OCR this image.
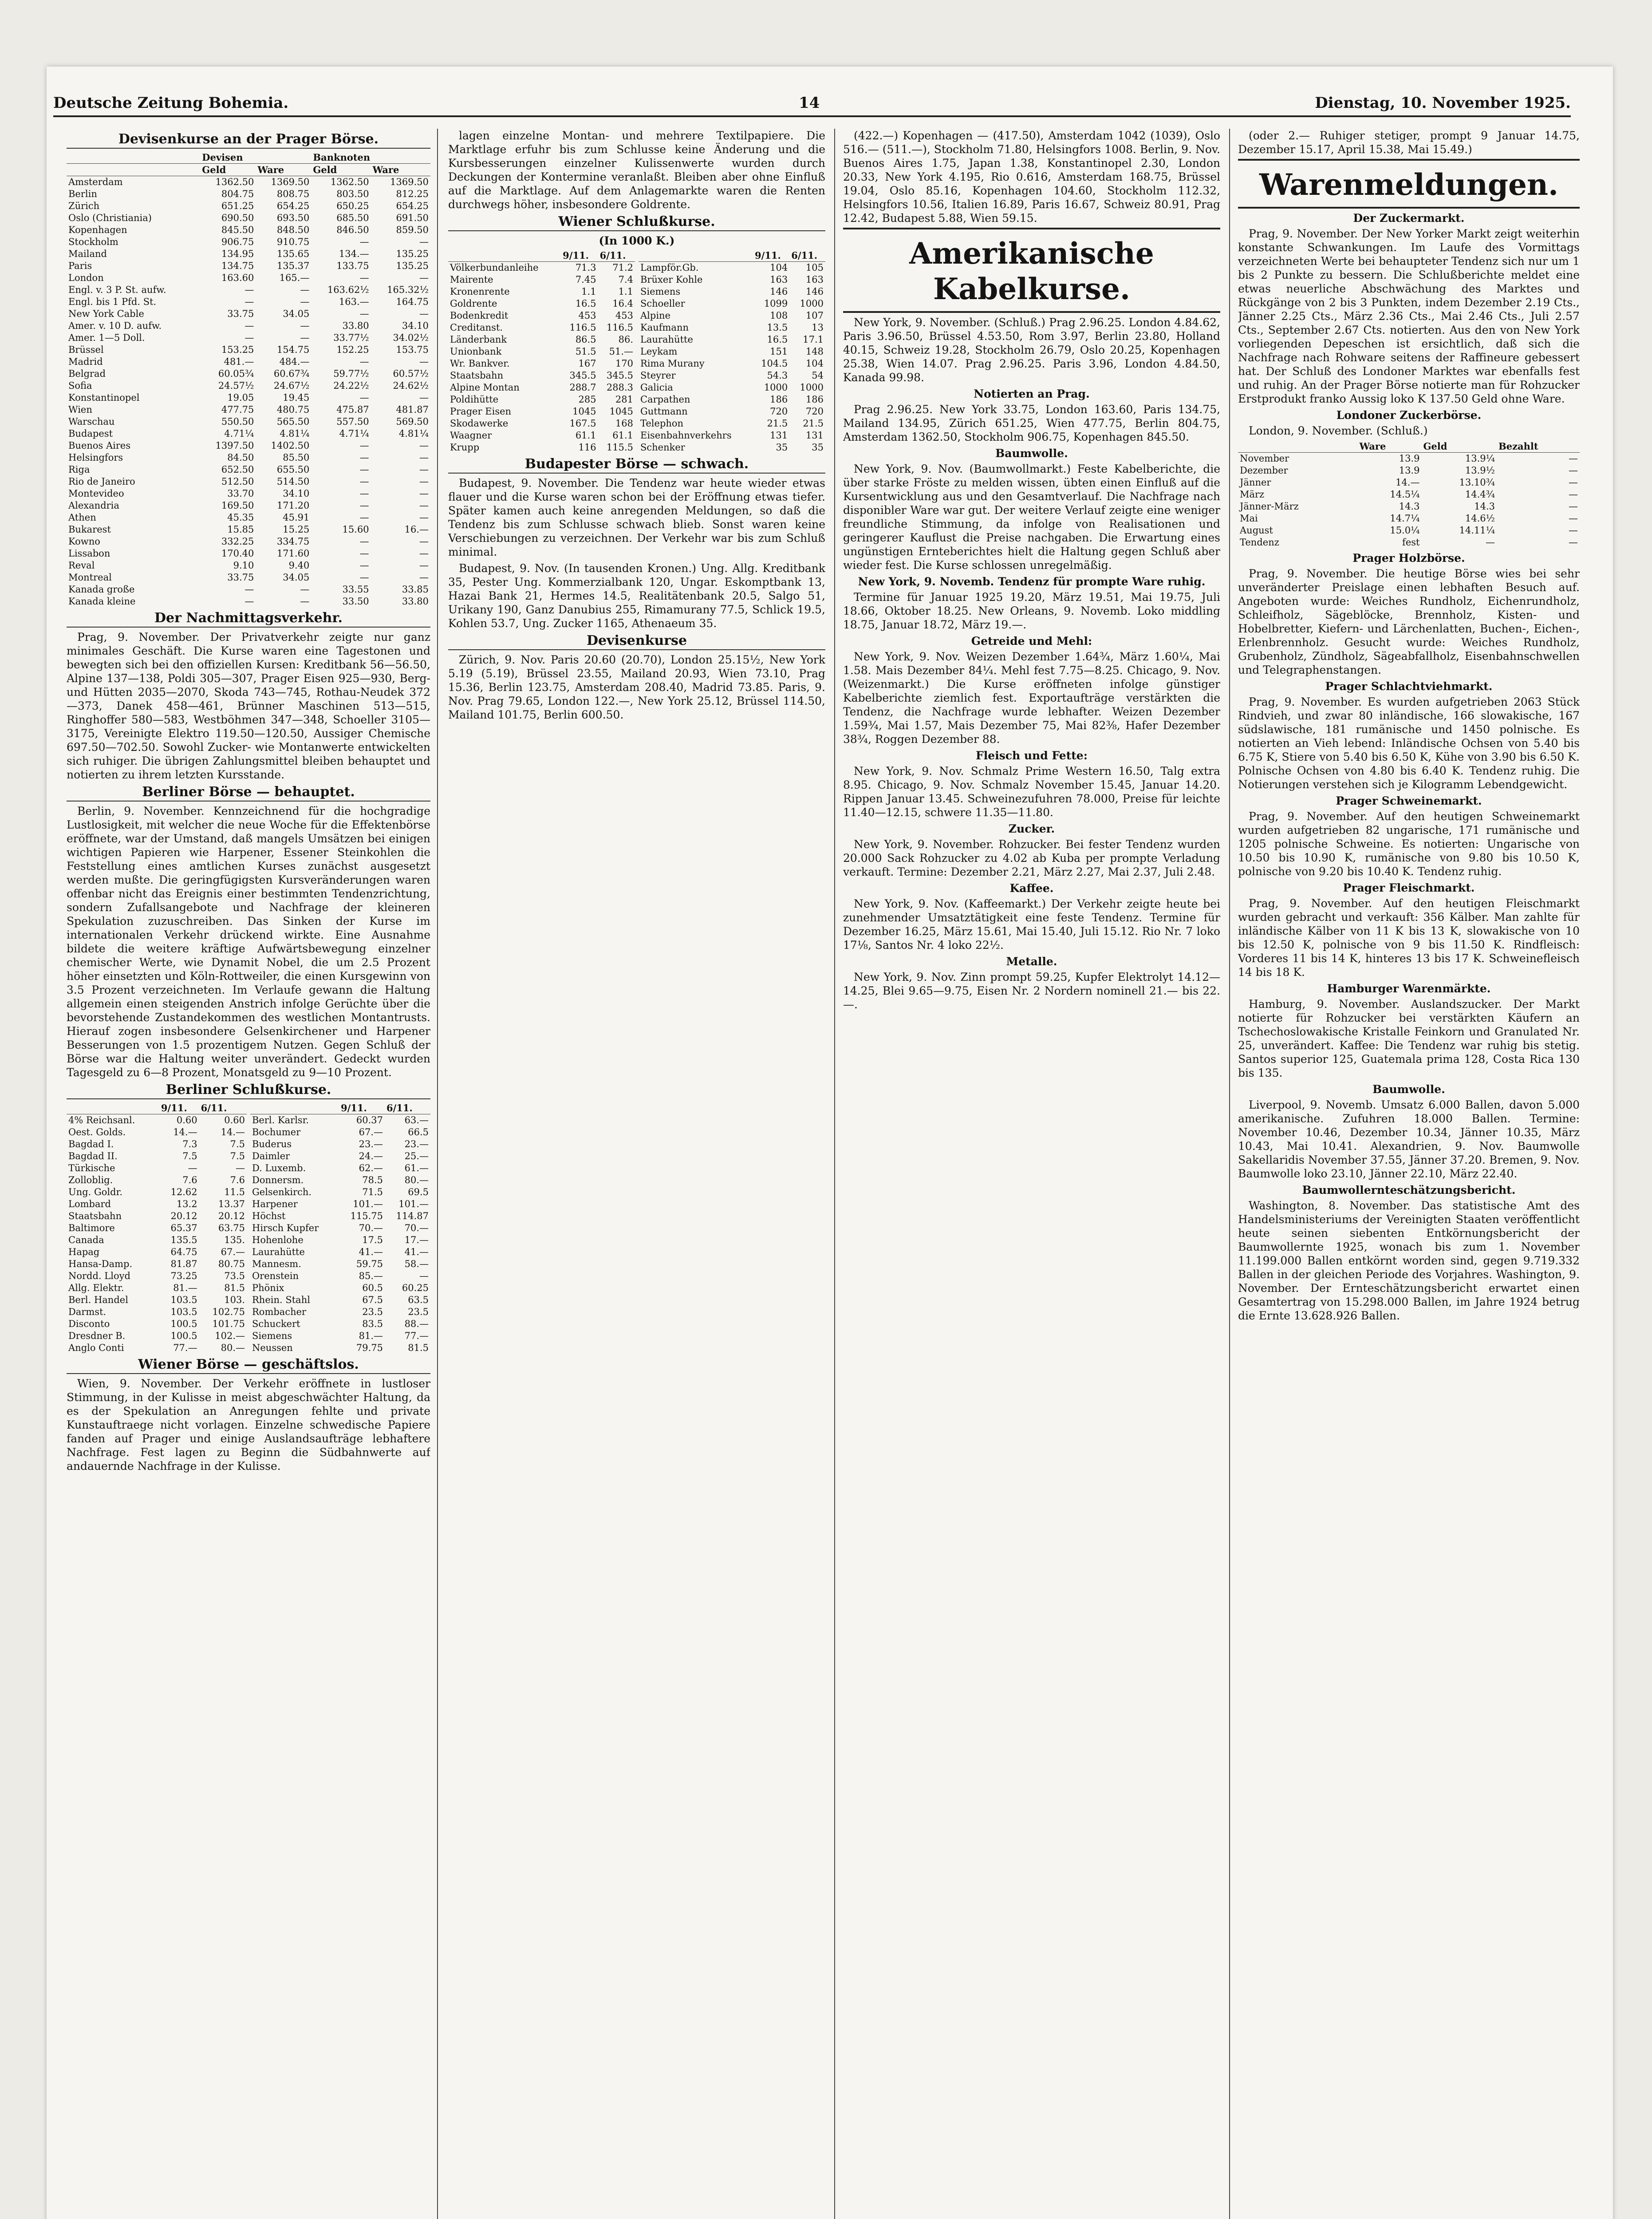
Deutsche Zeitung Bohemia.	14	Dienstag, 10. November 1925.
Devisenkurse an der Prager Börse.
	Devisen		Banknoten	
	Geld	Ware	Geld	Ware
Amsterdam	1362.50	1369.50	1362.50	1369.50
Berlin	804.75	808.75	803.50	812.25
Zürich	651.25	654.25	650.25	654.25
Oslo (Christiania)	690.50	693.50	685.50	691.50
Kopenhagen	845.50	848.50	846.50	859.50
Stockholm	906.75	910.75	—	—
Mailand	134.95	135.65	134.—	135.25
Paris	134.75	135.37	133.75	135.25
London	163.60	165.—	—	—
Engl. v. 3 P. St. aufw.	—	—	163.62½	165.32½
Engl. bis 1 Pfd. St.	—	—	163.—	164.75
New York Cable	33.75	34.05	—	—
Amer. v. 10 D. aufw.	—	—	33.80	34.10
Amer. 1—5 Doll.	—	—	33.77½	34.02½
Brüssel	153.25	154.75	152.25	153.75
Madrid	481.—	484.—	—	—
Belgrad	60.05¾	60.67¾	59.77½	60.57½
Sofia	24.57½	24.67½	24.22½	24.62½
Konstantinopel	19.05	19.45	—	—
Wien	477.75	480.75	475.87	481.87
Warschau	550.50	565.50	557.50	569.50
Budapest	4.71¼	4.81¼	4.71¼	4.81¼
Buenos Aires	1397.50	1402.50	—	—
Helsingfors	84.50	85.50	—	—
Riga	652.50	655.50	—	—
Rio de Janeiro	512.50	514.50	—	—
Montevideo	33.70	34.10	—	—
Alexandria	169.50	171.20	—	—
Athen	45.35	45.91	—	—
Bukarest	15.85	15.25	15.60	16.—
Kowno	332.25	334.75	—	—
Lissabon	170.40	171.60	—	—
Reval	9.10	9.40	—	—
Montreal	33.75	34.05	—	—
Kanada große	—	—	33.55	33.85
Kanada kleine	—	—	33.50	33.80
Der Nachmittagsverkehr.

Prag, 9. November. Der Privatverkehr zeigte nur ganz minimales Geschäft. Die Kurse waren eine Tagestonen und bewegten sich bei den offiziellen Kursen: Kreditbank 56—56.50, Alpine 137—138, Poldi 305—307, Prager Eisen 925—930, Berg- und Hütten 2035—2070, Skoda 743—745, Rothau-Neudek 372—373, Danek 458—461, Brünner Maschinen 513—515, Ringhoffer 580—583, Westböhmen 347—348, Schoeller 3105—3175, Vereinigte Elektro 119.50—120.50, Aussiger Chemische 697.50—702.50. Sowohl Zucker- wie Montanwerte entwickelten sich ruhiger. Die übrigen Zahlungsmittel bleiben behauptet und notierten zu ihrem letzten Kursstande.

Berliner Börse — behauptet.

Berlin, 9. November. Kennzeichnend für die hochgradige Lustlosigkeit, mit welcher die neue Woche für die Effektenbörse eröffnete, war der Umstand, daß mangels Umsätzen bei einigen wichtigen Papieren wie Harpener, Essener Steinkohlen die Feststellung eines amtlichen Kurses zunächst ausgesetzt werden mußte. Die geringfügigsten Kursveränderungen waren offenbar nicht das Ereignis einer bestimmten Tendenzrichtung, sondern Zufallsangebote und Nachfrage der kleineren Spekulation zuzuschreiben. Das Sinken der Kurse im internationalen Verkehr drückend wirkte. Eine Ausnahme bildete die weitere kräftige Aufwärtsbewegung einzelner chemischer Werte, wie Dynamit Nobel, die um 2.5 Prozent höher einsetzten und Köln-Rottweiler, die einen Kursgewinn von 3.5 Prozent verzeichneten. Im Verlaufe gewann die Haltung allgemein einen steigenden Anstrich infolge Gerüchte über die bevorstehende Zustandekommen des westlichen Montantrusts. Hierauf zogen insbesondere Gelsenkirchener und Harpener Besserungen von 1.5 prozentigem Nutzen. Gegen Schluß der Börse war die Haltung weiter unverändert. Gedeckt wurden Tagesgeld zu 6—8 Prozent, Monatsgeld zu 9—10 Prozent.

Berliner Schlußkurse.
	9/11.	6/11.
4% Reichsanl.	0.60	0.60
Oest. Golds.	14.—	14.—
Bagdad I.	7.3	7.5
Bagdad II.	7.5	7.5
Türkische	—	—
Zolloblig.	7.6	7.6
Ung. Goldr.	12.62	11.5
Lombard	13.2	13.37
Staatsbahn	20.12	20.12
Baltimore	65.37	63.75
Canada	135.5	135.
Hapag	64.75	67.—
Hansa-Damp.	81.87	80.75
Nordd. Lloyd	73.25	73.5
Allg. Elektr.	81.—	81.5
Berl. Handel	103.5	103.
Darmst.	103.5	102.75
Disconto	100.5	101.75
Dresdner B.	100.5	102.—
Anglo Conti	77.—	80.—
	9/11.	6/11.
Berl. Karlsr.	60.37	63.—
Bochumer	67.—	66.5
Buderus	23.—	23.—
Daimler	24.—	25.—
D. Luxemb.	62.—	61.—
Donnersm.	78.5	80.—
Gelsenkirch.	71.5	69.5
Harpener	101.—	101.—
Höchst	115.75	114.87
Hirsch Kupfer	70.—	70.—
Hohenlohe	17.5	17.—
Laurahütte	41.—	41.—
Mannesm.	59.75	58.—
Orenstein	85.—	—
Phönix	60.5	60.25
Rhein. Stahl	67.5	63.5
Rombacher	23.5	23.5
Schuckert	83.5	88.—
Siemens	81.—	77.—
Neussen	79.75	81.5
Wiener Börse — geschäftslos.

Wien, 9. November. Der Verkehr eröffnete in lustloser Stimmung, in der Kulisse in meist abgeschwächter Haltung, da es der Spekulation an Anregungen fehlte und private Kunstauftraege nicht vorlagen. Einzelne schwedische Papiere fanden auf Prager und einige Auslandsaufträge lebhaftere Nachfrage. Fest lagen zu Beginn die Südbahnwerte auf andauernde Nachfrage in der Kulisse.

lagen einzelne Montan- und mehrere Textilpapiere. Die Marktlage erfuhr bis zum Schlusse keine Änderung und die Kursbesserungen einzelner Kulissenwerte wurden durch Deckungen der Kontermine veranlaßt. Bleiben aber ohne Einfluß auf die Marktlage. Auf dem Anlagemarkte waren die Renten durchwegs höher, insbesondere Goldrente.

Wiener Schlußkurse.
(In 1000 K.)
	9/11.	6/11.
Völkerbundanleihe	71.3	71.2
Mairente	7.45	7.4
Kronenrente	1.1	1.1
Goldrente	16.5	16.4
Bodenkredit	453	453
Creditanst.	116.5	116.5
Länderbank	86.5	86.
Unionbank	51.5	51.—
Wr. Bankver.	167	170
Staatsbahn	345.5	345.5
Alpine Montan	288.7	288.3
Poldihütte	285	281
Prager Eisen	1045	1045
Skodawerke	167.5	168
Waagner	61.1	61.1
Krupp	116	115.5
	9/11.	6/11.
Lampför.Gb.	104	105
Brüxer Kohle	163	163
Siemens	146	146
Schoeller	1099	1000
Alpine	108	107
Kaufmann	13.5	13
Laurahütte	16.5	17.1
Leykam	151	148
Rima Murany	104.5	104
Steyrer	54.3	54
Galicia	1000	1000
Carpathen	186	186
Guttmann	720	720
Telephon	21.5	21.5
Eisenbahnverkehrs	131	131
Schenker	35	35
Budapester Börse — schwach.

Budapest, 9. November. Die Tendenz war heute wieder etwas flauer und die Kurse waren schon bei der Eröffnung etwas tiefer. Später kamen auch keine anregenden Meldungen, so daß die Tendenz bis zum Schlusse schwach blieb. Sonst waren keine Verschiebungen zu verzeichnen. Der Verkehr war bis zum Schluß minimal.

Budapest, 9. Nov. (In tausenden Kronen.) Ung. Allg. Kreditbank 35, Pester Ung. Kommerzialbank 120, Ungar. Eskomptbank 13, Hazai Bank 21, Hermes 14.5, Realitätenbank 20.5, Salgo 51, Urikany 190, Ganz Danubius 255, Rimamurany 77.5, Schlick 19.5, Kohlen 53.7, Ung. Zucker 1165, Athenaeum 35.

Devisenkurse

Zürich, 9. Nov. Paris 20.60 (20.70), London 25.15½, New York 5.19 (5.19), Brüssel 23.55, Mailand 20.93, Wien 73.10, Prag 15.36, Berlin 123.75, Amsterdam 208.40, Madrid 73.85. Paris, 9. Nov. Prag 79.65, London 122.—, New York 25.12, Brüssel 114.50, Mailand 101.75, Berlin 600.50.

(422.—) Kopenhagen — (417.50), Amsterdam 1042 (1039), Oslo 516.— (511.—), Stockholm 71.80, Helsingfors 1008. Berlin, 9. Nov. Buenos Aires 1.75, Japan 1.38, Konstantinopel 2.30, London 20.33, New York 4.195, Rio 0.616, Amsterdam 168.75, Brüssel 19.04, Oslo 85.16, Kopenhagen 104.60, Stockholm 112.32, Helsingfors 10.56, Italien 16.89, Paris 16.67, Schweiz 80.91, Prag 12.42, Budapest 5.88, Wien 59.15.

Amerikanische Kabelkurse.

New York, 9. November. (Schluß.) Prag 2.96.25. London 4.84.62, Paris 3.96.50, Brüssel 4.53.50, Rom 3.97, Berlin 23.80, Holland 40.15, Schweiz 19.28, Stockholm 26.79, Oslo 20.25, Kopenhagen 25.38, Wien 14.07. Prag 2.96.25. Paris 3.96, London 4.84.50, Kanada 99.98.

Notierten an Prag.

Prag 2.96.25. New York 33.75, London 163.60, Paris 134.75, Mailand 134.95, Zürich 651.25, Wien 477.75, Berlin 804.75, Amsterdam 1362.50, Stockholm 906.75, Kopenhagen 845.50.

Baumwolle.

New York, 9. Nov. (Baumwollmarkt.) Feste Kabelberichte, die über starke Fröste zu melden wissen, übten einen Einfluß auf die Kursentwicklung aus und den Gesamtverlauf. Die Nachfrage nach disponibler Ware war gut. Der weitere Verlauf zeigte eine weniger freundliche Stimmung, da infolge von Realisationen und geringerer Kauflust die Preise nachgaben. Die Erwartung eines ungünstigen Ernteberichtes hielt die Haltung gegen Schluß aber wieder fest. Die Kurse schlossen unregelmäßig.

New York, 9. Novemb. Tendenz für prompte Ware ruhig.

Termine für Januar 1925 19.20, März 19.51, Mai 19.75, Juli 18.66, Oktober 18.25. New Orleans, 9. Novemb. Loko middling 18.75, Januar 18.72, März 19.—.

Getreide und Mehl:

New York, 9. Nov. Weizen Dezember 1.64¾, März 1.60¼, Mai 1.58. Mais Dezember 84¼. Mehl fest 7.75—8.25. Chicago, 9. Nov. (Weizenmarkt.) Die Kurse eröffneten infolge günstiger Kabelberichte ziemlich fest. Exportaufträge verstärkten die Tendenz, die Nachfrage wurde lebhafter. Weizen Dezember 1.59¾, Mai 1.57, Mais Dezember 75, Mai 82⅜, Hafer Dezember 38¾, Roggen Dezember 88.

Fleisch und Fette:

New York, 9. Nov. Schmalz Prime Western 16.50, Talg extra 8.95. Chicago, 9. Nov. Schmalz November 15.45, Januar 14.20. Rippen Januar 13.45. Schweinezufuhren 78.000, Preise für leichte 11.40—12.15, schwere 11.35—11.80.

Zucker.

New York, 9. November. Rohzucker. Bei fester Tendenz wurden 20.000 Sack Rohzucker zu 4.02 ab Kuba per prompte Verladung verkauft. Termine: Dezember 2.21, März 2.27, Mai 2.37, Juli 2.48.

Kaffee.

New York, 9. Nov. (Kaffeemarkt.) Der Verkehr zeigte heute bei zunehmender Umsatztätigkeit eine feste Tendenz. Termine für Dezember 16.25, März 15.61, Mai 15.40, Juli 15.12. Rio Nr. 7 loko 17⅛, Santos Nr. 4 loko 22½.

Metalle.

New York, 9. Nov. Zinn prompt 59.25, Kupfer Elektrolyt 14.12—14.25, Blei 9.65—9.75, Eisen Nr. 2 Nordern nominell 21.— bis 22.—.

(oder 2.— Ruhiger stetiger, prompt 9 Januar 14.75, Dezember 15.17, April 15.38, Mai 15.49.)

Warenmeldungen.
Der Zuckermarkt.

Prag, 9. November. Der New Yorker Markt zeigt weiterhin konstante Schwankungen. Im Laufe des Vormittags verzeichneten Werte bei behaupteter Tendenz sich nur um 1 bis 2 Punkte zu bessern. Die Schlußberichte meldet eine etwas neuerliche Abschwächung des Marktes und Rückgänge von 2 bis 3 Punkten, indem Dezember 2.19 Cts., Jänner 2.25 Cts., März 2.36 Cts., Mai 2.46 Cts., Juli 2.57 Cts., September 2.67 Cts. notierten. Aus den von New York vorliegenden Depeschen ist ersichtlich, daß sich die Nachfrage nach Rohware seitens der Raffineure gebessert hat. Der Schluß des Londoner Marktes war ebenfalls fest und ruhig. An der Prager Börse notierte man für Rohzucker Erstprodukt franko Aussig loko K 137.50 Geld ohne Ware.

Londoner Zuckerbörse.

London, 9. November. (Schluß.)

	Ware	Geld	Bezahlt
November	13.9	13.9¼	—
Dezember	13.9	13.9½	—
Jänner	14.—	13.10¾	—
März	14.5¼	14.4¾	—
Jänner-März	14.3	14.3	—
Mai	14.7¼	14.6½	—
August	15.0¼	14.11¼	—
Tendenz	fest	—	—
Prager Holzbörse.

Prag, 9. November. Die heutige Börse wies bei sehr unveränderter Preislage einen lebhaften Besuch auf. Angeboten wurde: Weiches Rundholz, Eichenrundholz, Schleifholz, Sägeblöcke, Brennholz, Kisten- und Hobelbretter, Kiefern- und Lärchenlatten, Buchen-, Eichen-, Erlenbrennholz. Gesucht wurde: Weiches Rundholz, Grubenholz, Zündholz, Sägeabfallholz, Eisenbahnschwellen und Telegraphenstangen.

Prager Schlachtviehmarkt.

Prag, 9. November. Es wurden aufgetrieben 2063 Stück Rindvieh, und zwar 80 inländische, 166 slowakische, 167 südslawische, 181 rumänische und 1450 polnische. Es notierten an Vieh lebend: Inländische Ochsen von 5.40 bis 6.75 K, Stiere von 5.40 bis 6.50 K, Kühe von 3.90 bis 6.50 K. Polnische Ochsen von 4.80 bis 6.40 K. Tendenz ruhig. Die Notierungen verstehen sich je Kilogramm Lebendgewicht.

Prager Schweinemarkt.

Prag, 9. November. Auf den heutigen Schweinemarkt wurden aufgetrieben 82 ungarische, 171 rumänische und 1205 polnische Schweine. Es notierten: Ungarische von 10.50 bis 10.90 K, rumänische von 9.80 bis 10.50 K, polnische von 9.20 bis 10.40 K. Tendenz ruhig.

Prager Fleischmarkt.

Prag, 9. November. Auf den heutigen Fleischmarkt wurden gebracht und verkauft: 356 Kälber. Man zahlte für inländische Kälber von 11 K bis 13 K, slowakische von 10 bis 12.50 K, polnische von 9 bis 11.50 K. Rindfleisch: Vorderes 11 bis 14 K, hinteres 13 bis 17 K. Schweinefleisch 14 bis 18 K.

Hamburger Warenmärkte.

Hamburg, 9. November. Auslandszucker. Der Markt notierte für Rohzucker bei verstärkten Käufern an Tschechoslowakische Kristalle Feinkorn und Granulated Nr. 25, unverändert. Kaffee: Die Tendenz war ruhig bis stetig. Santos superior 125, Guatemala prima 128, Costa Rica 130 bis 135.

Baumwolle.

Liverpool, 9. Novemb. Umsatz 6.000 Ballen, davon 5.000 amerikanische. Zufuhren 18.000 Ballen. Termine: November 10.46, Dezember 10.34, Jänner 10.35, März 10.43, Mai 10.41. Alexandrien, 9. Nov. Baumwolle Sakellaridis November 37.55, Jänner 37.20. Bremen, 9. Nov. Baumwolle loko 23.10, Jänner 22.10, März 22.40.

Baumwollernteschätzungsbericht.

Washington, 8. November. Das statistische Amt des Handelsministeriums der Vereinigten Staaten veröffentlicht heute seinen siebenten Entkörnungsbericht der Baumwollernte 1925, wonach bis zum 1. November 11.199.000 Ballen entkörnt worden sind, gegen 9.719.332 Ballen in der gleichen Periode des Vorjahres. Washington, 9. November. Der Ernteschätzungsbericht erwartet einen Gesamtertrag von 15.298.000 Ballen, im Jahre 1924 betrug die Ernte 13.628.926 Ballen.
